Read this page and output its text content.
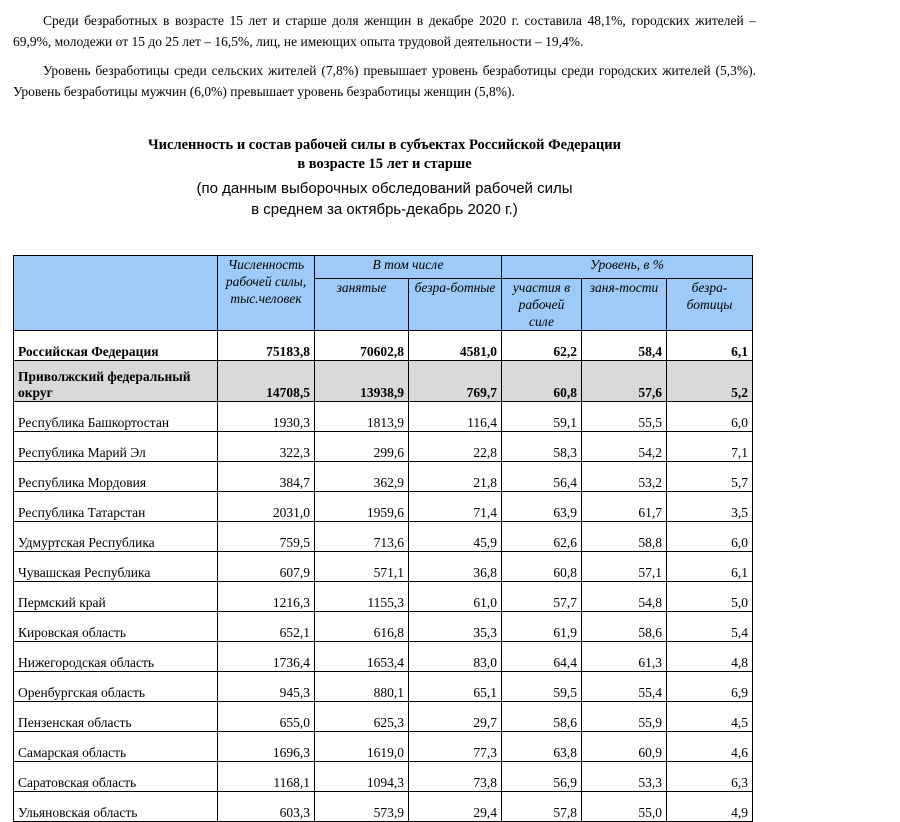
Среди безработных в возрасте 15 лет и старше доля женщин в декабре 2020 г. составила 48,1%, городских жителей – 69,9%, молодежи от 15 до 25 лет – 16,5%, лиц, не имеющих опыта трудовой деятельности – 19,4%.

Уровень безработицы среди сельских жителей (7,8%) превышает уровень безработицы среди городских жителей (5,3%). Уровень безработицы мужчин (6,0%) превышает уровень безработицы женщин (5,8%).

Численность и состав рабочей силы в субъектах Российской Федерации
в возрасте 15 лет и старше
(по данным выборочных обследований рабочей силы
в среднем за октябрь-декабрь 2020 г.)
	Численность рабочей силы, тыс.человек	В том числе		Уровень, в %		
		занятые	безра-ботные	участия в рабочей силе	заня-тости	безра-ботицы
Российская Федерация	75183,8	70602,8	4581,0	62,2	58,4	6,1
Приволжский федеральный округ	14708,5	13938,9	769,7	60,8	57,6	5,2
Республика Башкортостан	1930,3	1813,9	116,4	59,1	55,5	6,0
Республика Марий Эл	322,3	299,6	22,8	58,3	54,2	7,1
Республика Мордовия	384,7	362,9	21,8	56,4	53,2	5,7
Республика Татарстан	2031,0	1959,6	71,4	63,9	61,7	3,5
Удмуртская Республика	759,5	713,6	45,9	62,6	58,8	6,0
Чувашская Республика	607,9	571,1	36,8	60,8	57,1	6,1
Пермский край	1216,3	1155,3	61,0	57,7	54,8	5,0
Кировская область	652,1	616,8	35,3	61,9	58,6	5,4
Нижегородская область	1736,4	1653,4	83,0	64,4	61,3	4,8
Оренбургская область	945,3	880,1	65,1	59,5	55,4	6,9
Пензенская область	655,0	625,3	29,7	58,6	55,9	4,5
Самарская область	1696,3	1619,0	77,3	63,8	60,9	4,6
Саратовская область	1168,1	1094,3	73,8	56,9	53,3	6,3
Ульяновская область	603,3	573,9	29,4	57,8	55,0	4,9
